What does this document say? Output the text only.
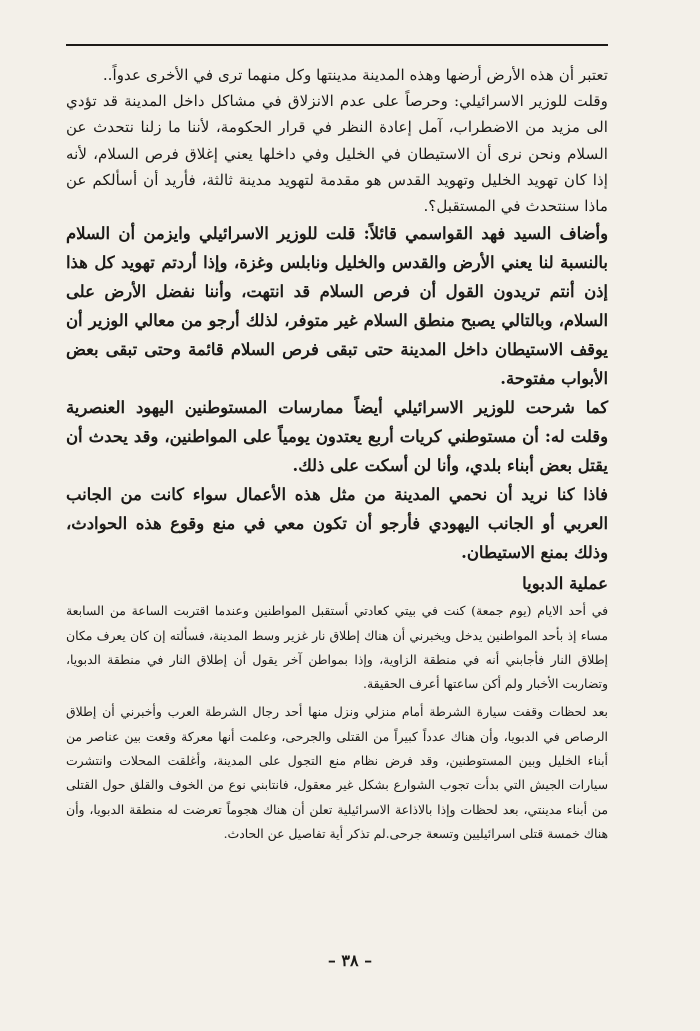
تعتبر أن هذه الأرض أرضها وهذه المدينة مدينتها وكل منهما ترى في الأخرى عدواً..

وقلت للوزير الاسرائيلي: وحرصاً على عدم الانزلاق في مشاكل داخل المدينة قد تؤدي الى مزيد من الاضطراب، آمل إعادة النظر في قرار الحكومة، لأننا ما زلنا نتحدث عن السلام ونحن نرى أن الاستيطان في الخليل وفي داخلها يعني إغلاق فرص السلام، لأنه إذا كان تهويد الخليل وتهويد القدس هو مقدمة لتهويد مدينة ثالثة، فأريد أن أسألكم عن ماذا سنتحدث في المستقبل؟.

وأضاف السيد فهد القواسمي قائلاً: قلت للوزير الاسرائيلي وايزمن أن السلام بالنسبة لنا يعني الأرض والقدس والخليل ونابلس وغزة، وإذا أردتم تهويد كل هذا إذن أنتم تريدون القول أن فرص السلام قد انتهت، وأننا نفضل الأرض على السلام، وبالتالي يصبح منطق السلام غير متوفر، لذلك أرجو من معالي الوزير أن يوقف الاستيطان داخل المدينة حتى تبقى فرص السلام قائمة وحتى تبقى بعض الأبواب مفتوحة.

كما شرحت للوزير الاسرائيلي أيضاً ممارسات المستوطنين اليهود العنصرية وقلت له: أن مستوطني كريات أربع يعتدون يومياً على المواطنين، وقد يحدث أن يقتل بعض أبناء بلدي، وأنا لن أسكت على ذلك.

فاذا كنا نريد أن نحمي المدينة من مثل هذه الأعمال سواء كانت من الجانب العربي أو الجانب اليهودي فأرجو أن تكون معي في منع وقوع هذه الحوادث، وذلك بمنع الاستيطان.

عملية الدبويا

في أحد الايام (يوم جمعة) كنت في بيتي كعادتي أستقبل المواطنين وعندما اقتربت الساعة من السابعة مساء إذ بأحد المواطنين يدخل ويخبرني أن هناك إطلاق نار غزير وسط المدينة، فسألته إن كان يعرف مكان إطلاق النار فأجابني أنه في منطقة الزاوية، وإذا بمواطن آخر يقول أن إطلاق النار في منطقة الدبويا، وتضاربت الأخبار ولم أكن ساعتها أعرف الحقيقة.

بعد لحظات وقفت سيارة الشرطة أمام منزلي ونزل منها أحد رجال الشرطة العرب وأخبرني أن إطلاق الرصاص في الدبويا، وأن هناك عدداً كبيراً من القتلى والجرحى، وعلمت أنها معركة وقعت بين عناصر من أبناء الخليل وبين المستوطنين، وقد فرض نظام منع التجول على المدينة، وأغلقت المحلات وانتشرت سيارات الجيش التي بدأت تجوب الشوارع بشكل غير معقول، فانتابني نوع من الخوف والقلق حول القتلى من أبناء مدينتي، بعد لحظات وإذا بالاذاعة الاسرائيلية تعلن أن هناك هجوماً تعرضت له منطقة الدبويا، وأن هناك خمسة قتلى اسرائيليين وتسعة جرحى.لم تذكر أية تفاصيل عن الحادث.

– ٣٨ –
